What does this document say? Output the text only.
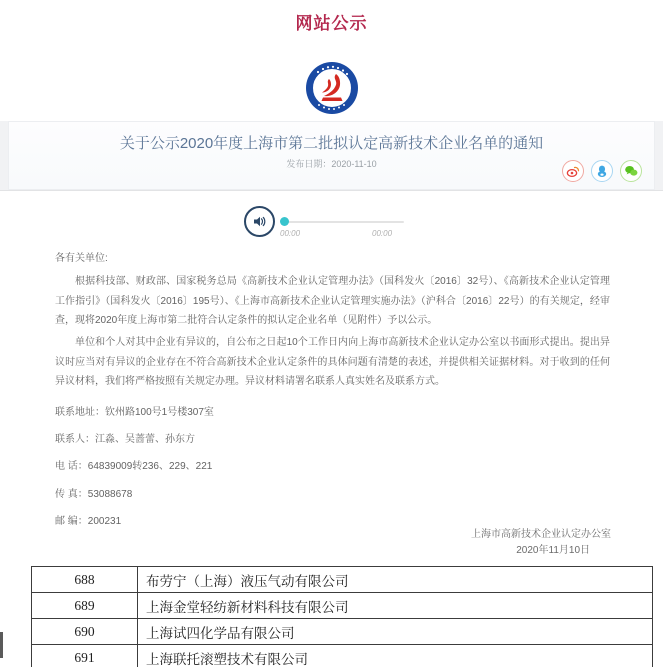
网站公示
关于公示2020年度上海市第二批拟认定高新技术企业名单的通知
发布日期：2020-11-10
00:00	00:00
各有关单位:
根据科技部、财政部、国家税务总局《高新技术企业认定管理办法》（国科发火〔2016〕32号）、《高新技术企业认定管理工作指引》（国科发火〔2016〕195号）、《上海市高新技术企业认定管理实施办法》（沪科合〔2016〕22号）的有关规定，经审查，现将2020年度上海市第二批符合认定条件的拟认定企业名单（见附件）予以公示。
单位和个人对其中企业有异议的，自公布之日起10个工作日内向上海市高新技术企业认定办公室以书面形式提出。提出异议时应当对有异议的企业存在不符合高新技术企业认定条件的具体问题有清楚的表述，并提供相关证据材料。对于收到的任何异议材料，我们将严格按照有关规定办理。异议材料请署名联系人真实姓名及联系方式。
联系地址：钦州路100号1号楼307室
联系人：江淼、吴蔷蕾、孙东方
电 话：64839009转236、229、221
传 真：53088678
邮 编：200231
上海市高新技术企业认定办公室
2020年11月10日
688	布劳宁（上海）液压气动有限公司
689	上海金堂轻纺新材料科技有限公司
690	上海试四化学品有限公司
691	上海联托滚塑技术有限公司
